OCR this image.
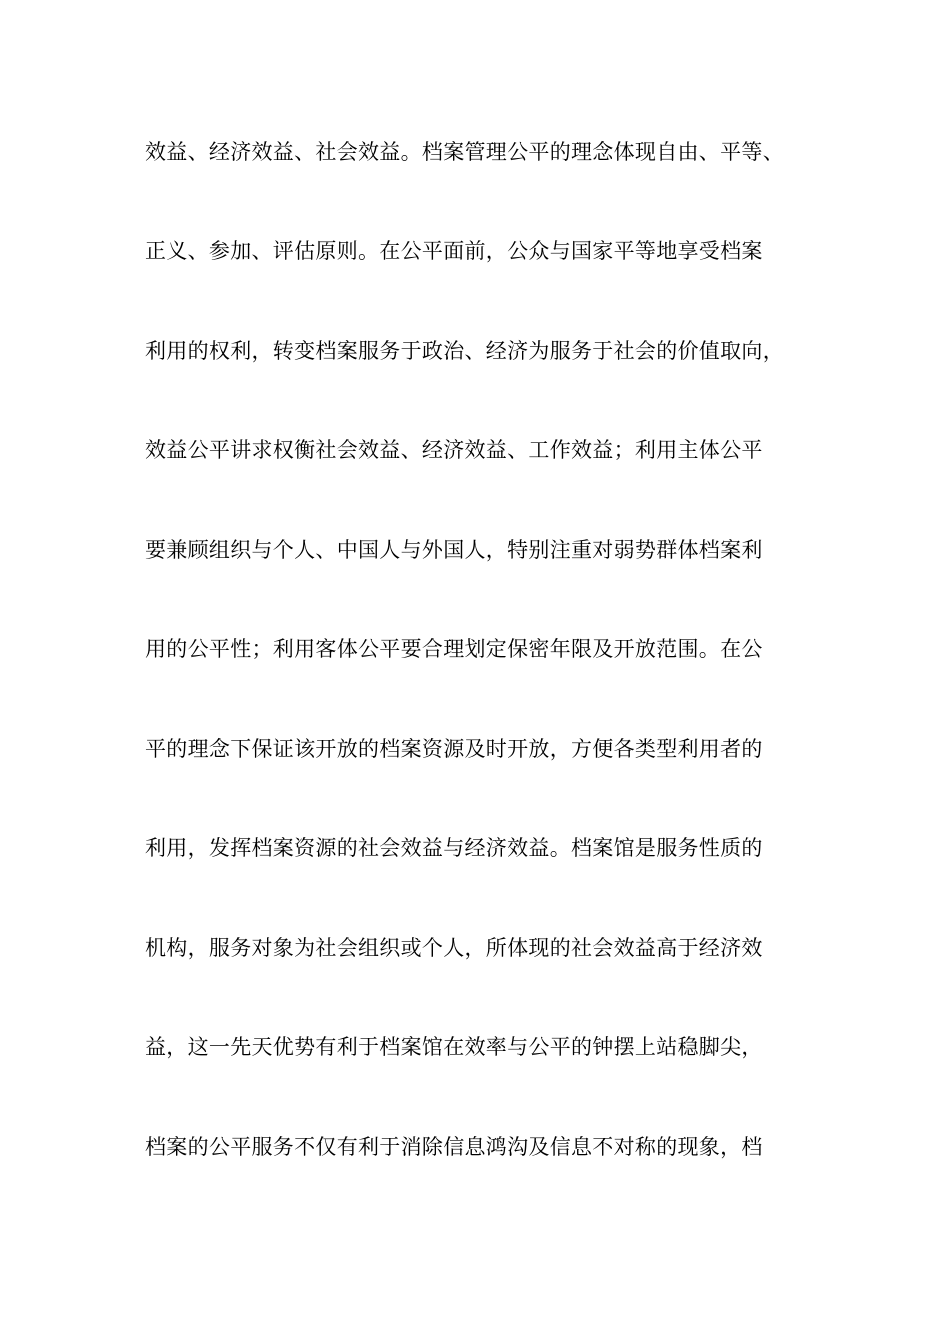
效益、经济效益、社会效益。档案管理公平的理念体现自由、平等、
正义、参加、评估原则。在公平面前，公众与国家平等地享受档案
利用的权利，转变档案服务于政治、经济为服务于社会的价值取向，
效益公平讲求权衡社会效益、经济效益、工作效益；利用主体公平
要兼顾组织与个人、中国人与外国人，特别注重对弱势群体档案利
用的公平性；利用客体公平要合理划定保密年限及开放范围。在公
平的理念下保证该开放的档案资源及时开放，方便各类型利用者的
利用，发挥档案资源的社会效益与经济效益。档案馆是服务性质的
机构，服务对象为社会组织或个人，所体现的社会效益高于经济效
益，这一先天优势有利于档案馆在效率与公平的钟摆上站稳脚尖，
档案的公平服务不仅有利于消除信息鸿沟及信息不对称的现象，档
